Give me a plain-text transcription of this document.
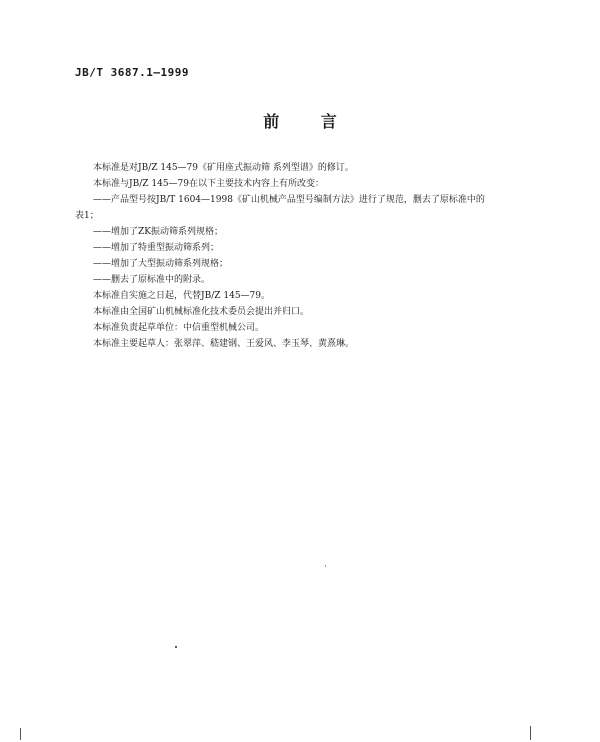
JB/T 3687.1—1999
前 言
本标准是对JB/Z 145—79《矿用座式振动筛 系列型谱》的修订。
本标准与JB/Z 145—79在以下主要技术内容上有所改变：
——产品型号按JB/T 1604—1998《矿山机械产品型号编制方法》进行了规范，删去了原标准中的
表1；
——增加了ZK振动筛系列规格；
——增加了特重型振动筛系列；
——增加了大型振动筛系列规格；
——删去了原标准中的附录。
本标准自实施之日起，代替JB/Z 145—79。
本标准由全国矿山机械标准化技术委员会提出并归口。
本标准负责起草单位：中信重型机械公司。
本标准主要起草人：张翠萍、嵇建钢、王爱风、李玉琴、黄熹琳。
